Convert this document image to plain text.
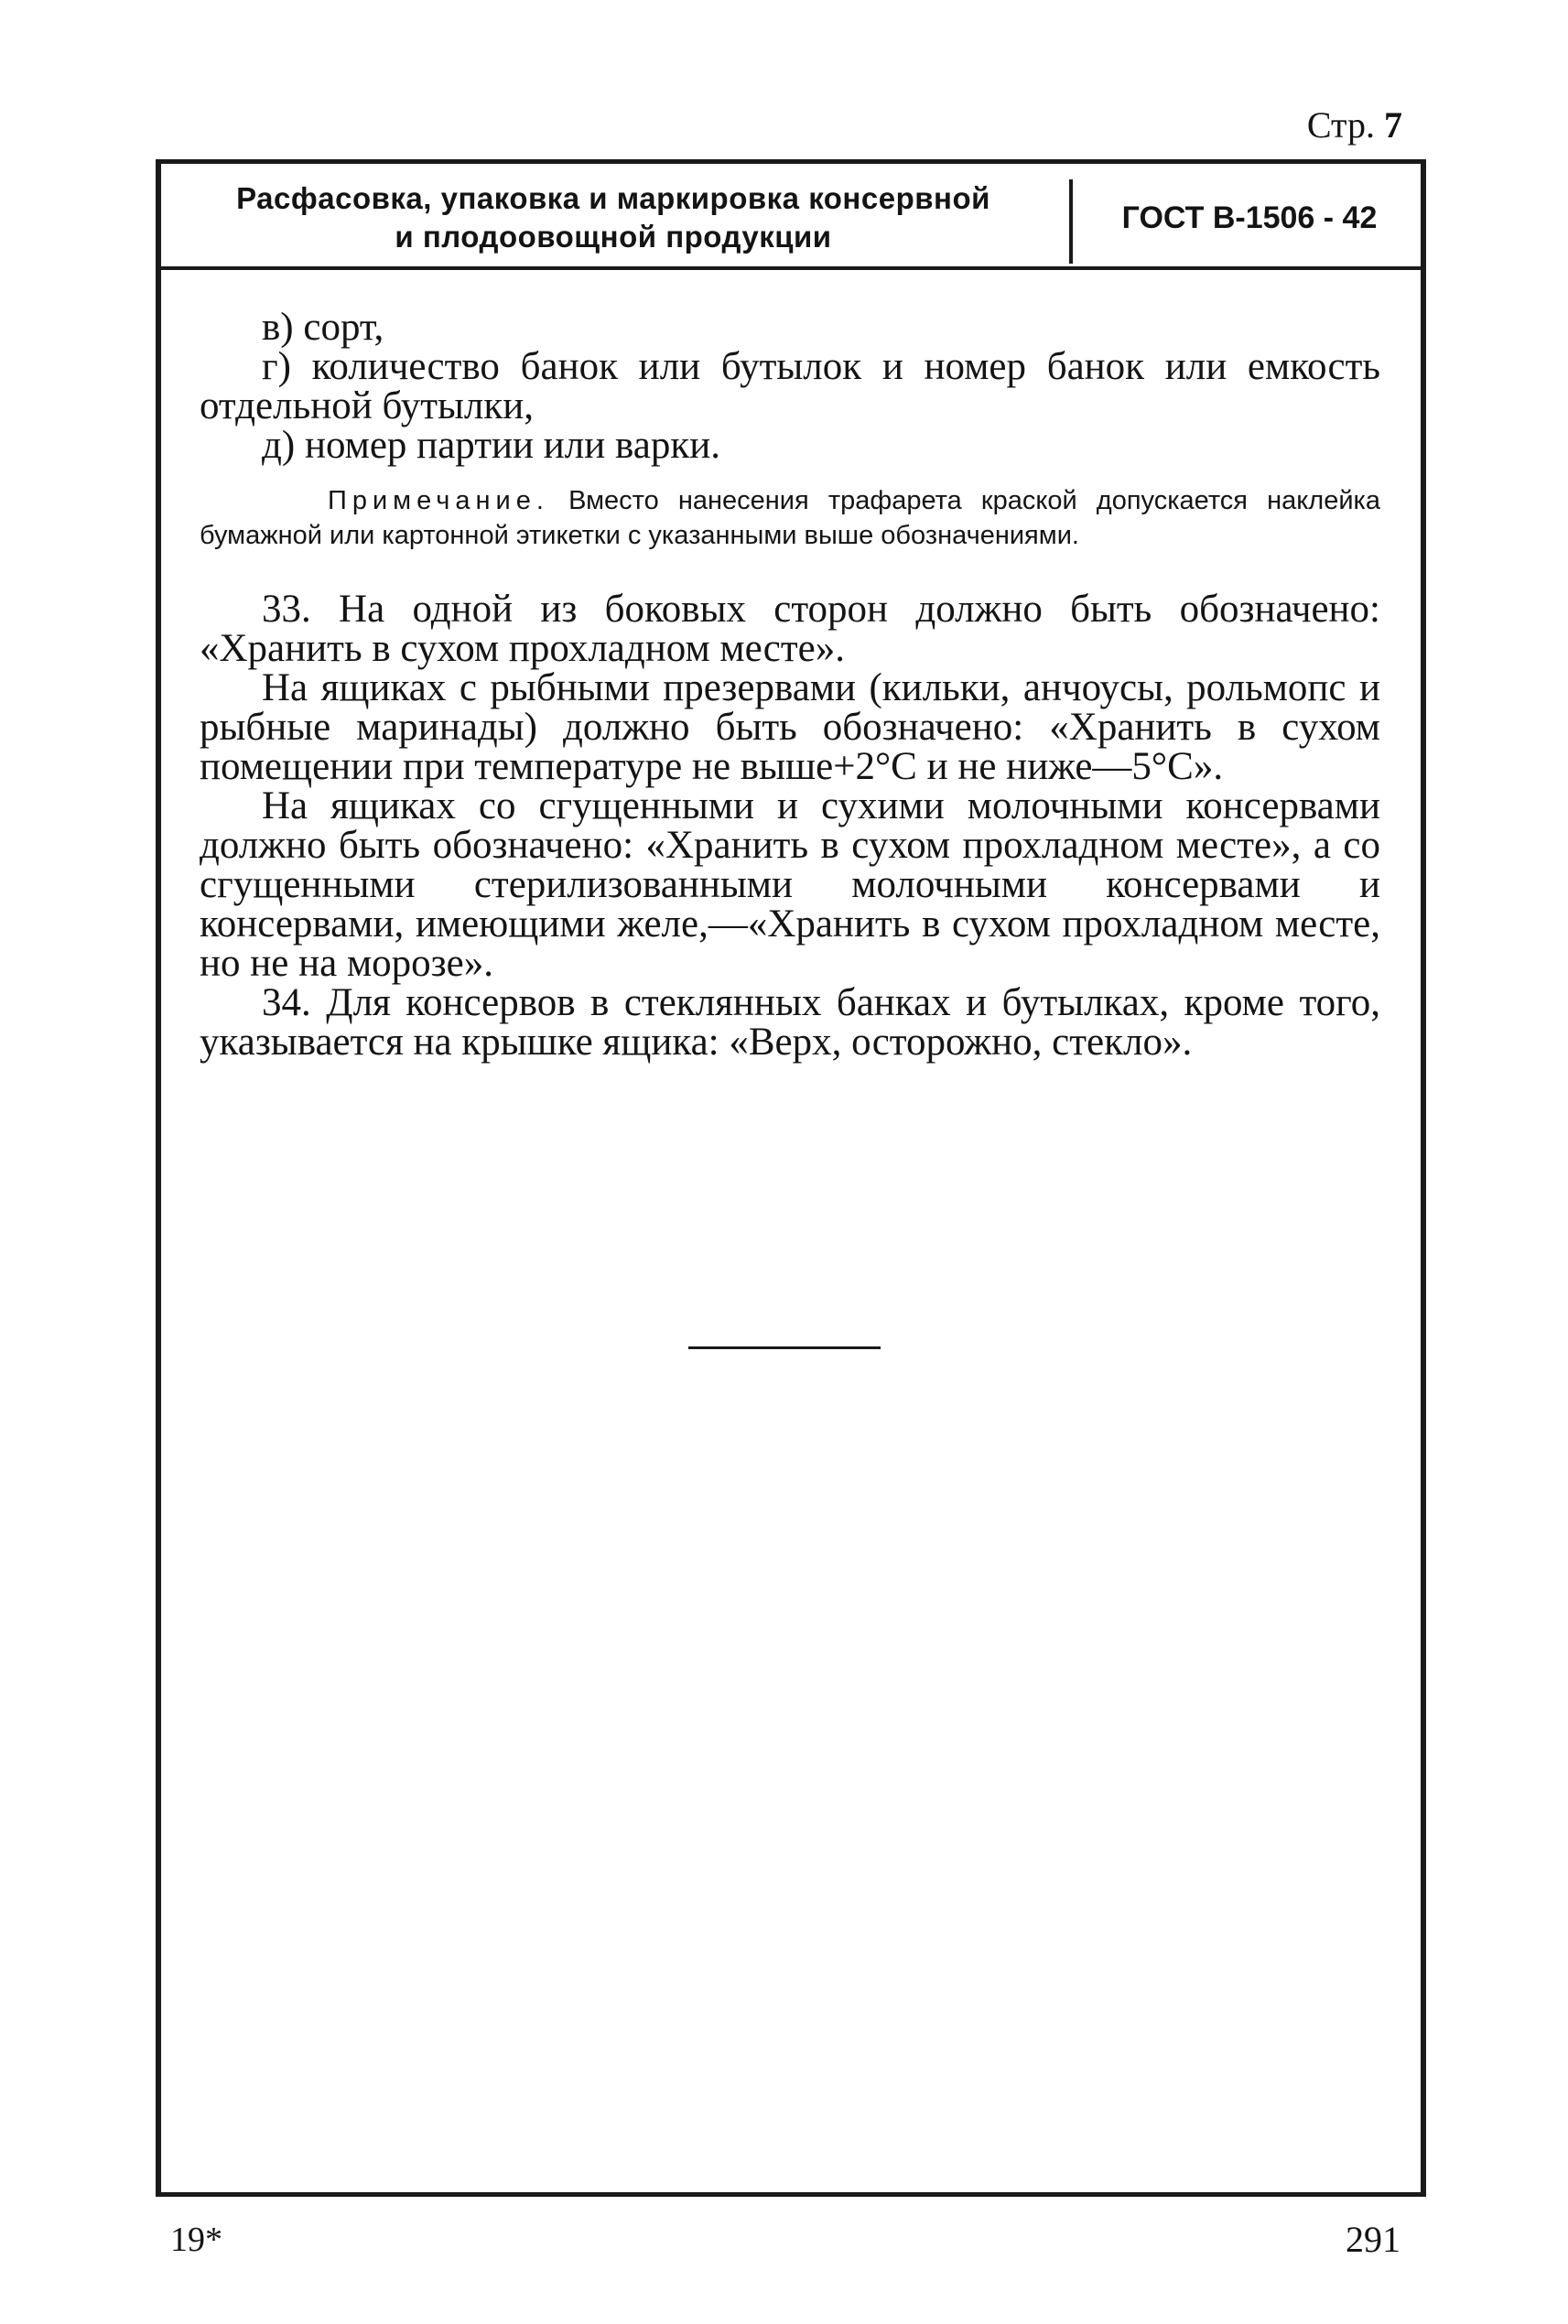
Стр. 7
Расфасовка, упаковка и маркировка консервной
и плодоовощной продукции
ГОСТ В-1506 - 42

в) сорт,

г) количество банок или бутылок и номер банок или емкость отдельной бутылки,

д) номер партии или варки.

Примечание. Вместо нанесения трафарета краской допускается наклейка бумажной или картонной этикетки с указанными выше обозначениями.

33. На одной из боковых сторон должно быть обозначено: «Хранить в сухом прохладном месте».

На ящиках с рыбными презервами (кильки, анчоусы, рольмопс и рыбные маринады) должно быть обозначено: «Хранить в сухом помещении при температуре не выше+2°C и не ниже—5°C».

На ящиках со сгущенными и сухими молочными консервами должно быть обозначено: «Хранить в сухом прохладном месте», а со сгущенными стерилизованными молочными консервами и консервами, имеющими желе,—«Хранить в сухом прохладном месте, но не на морозе».

34. Для консервов в стеклянных банках и бутылках, кроме того, указывается на крышке ящика: «Верх, осторожно, стекло».

19*	291
